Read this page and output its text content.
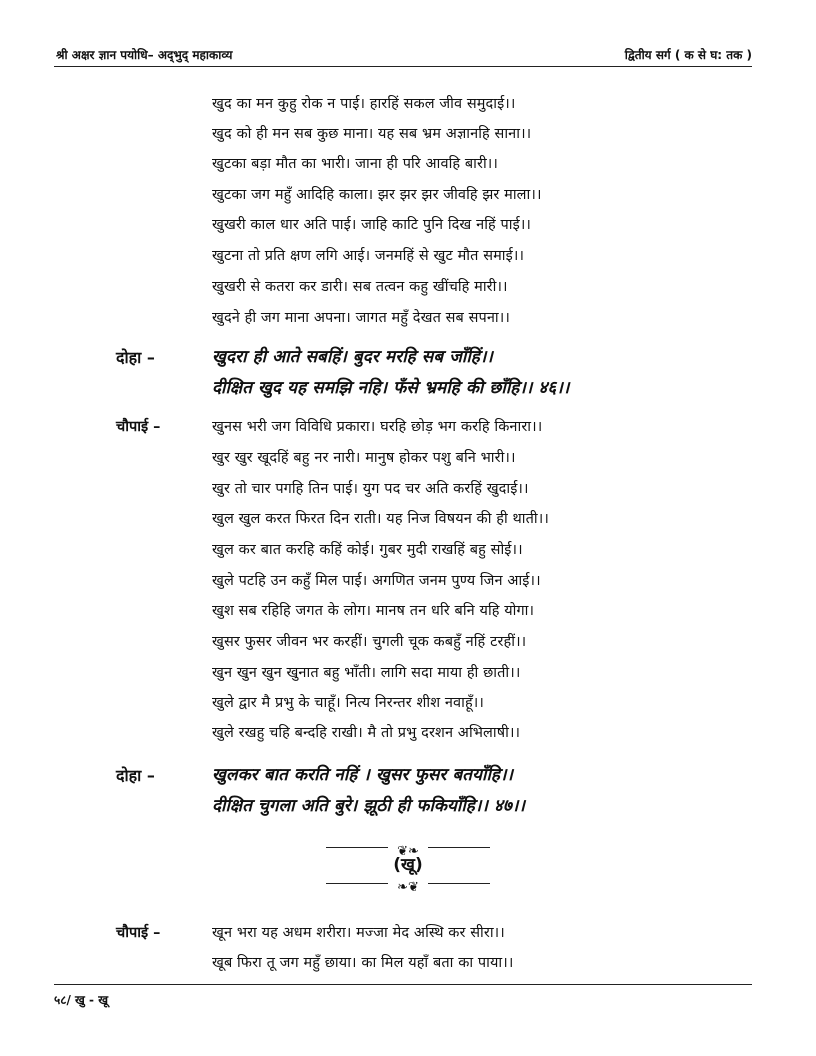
श्री अक्षर ज्ञान पयोधि– अद्‌भुद्‌ महाकाव्य	द्वितीय सर्ग ( क से घ: तक )
खुद का मन कुहु रोक न पाई। हारहिं सकल जीव समुदाई।।
खुद को ही मन सब कुछ माना। यह सब भ्रम अज्ञानहि साना।।
खुटका बड़ा मौत का भारी। जाना ही परि आवहि बारी।।
खुटका जग महुँ आदिहि काला। झर झर झर जीवहि झर माला।।
खुखरी काल धार अति पाई। जाहि काटि पुनि दिख नहिं पाई।।
खुटना तो प्रति क्षण लगि आई। जनमहिं से खुट मौत समाई।।
खुखरी से कतरा कर डारी। सब तत्वन कहु खींचहि मारी।।
खुदने ही जग माना अपना। जागत महुँ देखत सब सपना।।
दोहा –	खुदरा ही आते सबहिं। बुदर मरहि सब जाँहिं।।
दीक्षित खुद यह समझि नहि। फँसे भ्रमहि की छाँहि।। ४६।।
चौपाई –	खुनस भरी जग विविधि प्रकारा। घरहि छोड़ भग करहि किनारा।।
खुर खुर खूदहिं बहु नर नारी। मानुष होकर पशु बनि भारी।।
खुर तो चार पगहि तिन पाई। युग पद चर अति करहिं खुदाई।।
खुल खुल करत फिरत दिन राती। यह निज विषयन की ही थाती।।
खुल कर बात करहि कहिं कोई। गुबर मुदी राखहिं बहु सोई।।
खुले पटहि उन कहुँ मिल पाई। अगणित जनम पुण्य जिन आई।।
खुश सब रहिहि जगत के लोग। मानष तन धरि बनि यहि योगा।
खुसर फुसर जीवन भर करहीं। चुगली चूक कबहुँ नहिं टरहीं।।
खुन खुन खुन खुनात बहु भाँती। लागि सदा माया ही छाती।।
खुले द्वार मै प्रभु के चाहूँ। नित्य निरन्तर शीश नवाहूँ।।
खुले रखहु चहि बन्दहि राखी। मै तो प्रभु दरशन अभिलाषी।।
दोहा –	खुलकर बात करति नहिं । खुसर फुसर बतयाँहि।।
दीक्षित चुगला अति बुरे। झूठी ही फकियाँहि।। ४७।।
❦❧
(खू)
❧❦
चौपाई –	खून भरा यह अधम शरीरा। मज्जा मेद अस्थि कर सीरा।।
खूब फिरा तू जग महुँ छाया। का मिल यहाँ बता का पाया।।
५८/ खु - खू
